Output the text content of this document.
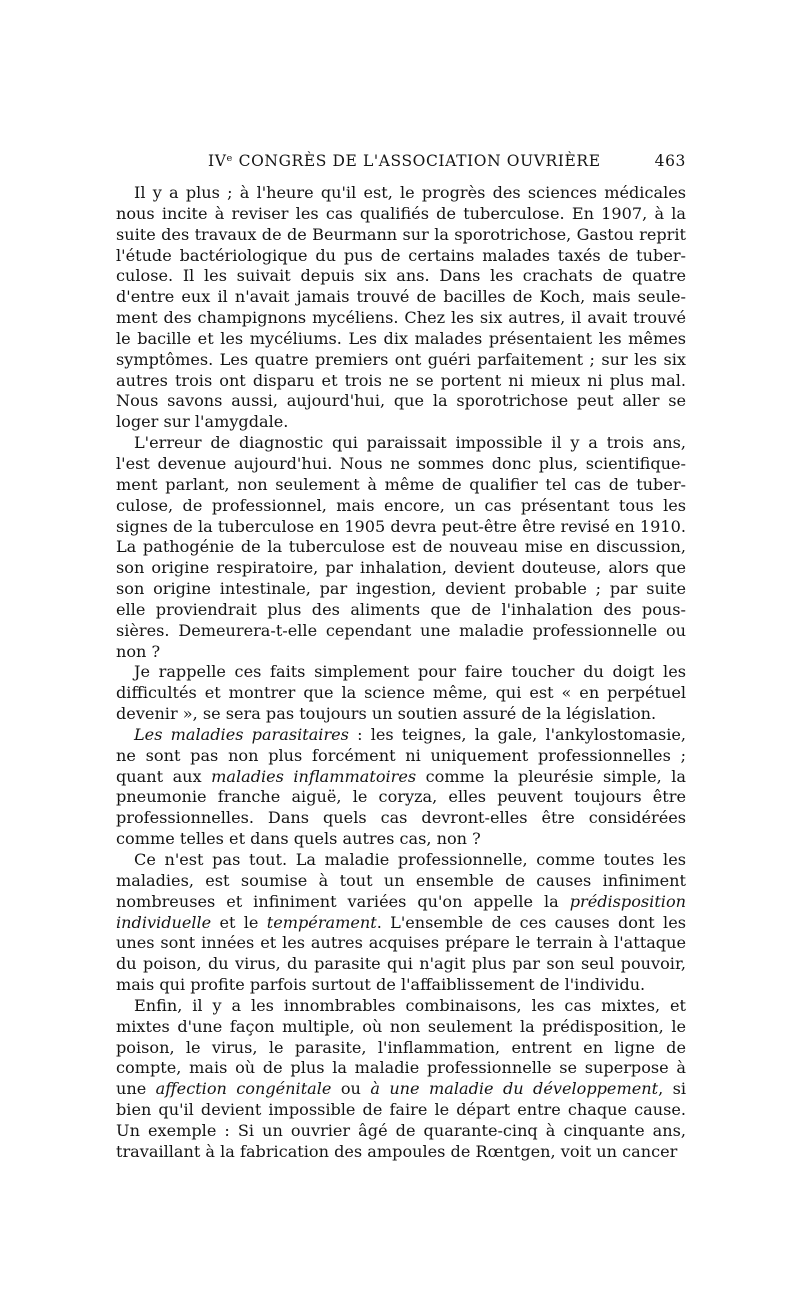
IVᵉ CONGRÈS DE L'ASSOCIATION OUVRIÈRE	463

Il y a plus ; à l'heure qu'il est, le progrès des sciences médicales nous incite à reviser les cas qualifiés de tuberculose. En 1907, à la suite des travaux de de Beurmann sur la sporotrichose, Gastou reprit l'étude bactériologique du pus de certains malades taxés de tuberculose. Il les suivait depuis six ans. Dans les crachats de quatre d'entre eux il n'avait jamais trouvé de bacilles de Koch, mais seulement des champignons mycéliens. Chez les six autres, il avait trouvé le bacille et les mycéliums. Les dix malades présentaient les mêmes symptômes. Les quatre premiers ont guéri parfaitement ; sur les six autres trois ont disparu et trois ne se portent ni mieux ni plus mal. Nous savons aussi, aujourd'hui, que la sporotrichose peut aller se loger sur l'amygdale.

L'erreur de diagnostic qui paraissait impossible il y a trois ans, l'est devenue aujourd'hui. Nous ne sommes donc plus, scientifiquement parlant, non seulement à même de qualifier tel cas de tuberculose, de professionnel, mais encore, un cas présentant tous les signes de la tuberculose en 1905 devra peut-être être revisé en 1910. La pathogénie de la tuberculose est de nouveau mise en discussion, son origine respiratoire, par inhalation, devient douteuse, alors que son origine intestinale, par ingestion, devient probable ; par suite elle proviendrait plus des aliments que de l'inhalation des poussières. Demeurera-t-elle cependant une maladie professionnelle ou non ?

Je rappelle ces faits simplement pour faire toucher du doigt les difficultés et montrer que la science même, qui est « en perpétuel devenir », se sera pas toujours un soutien assuré de la législation.

Les maladies parasitaires : les teignes, la gale, l'ankylostomasie, ne sont pas non plus forcément ni uniquement professionnelles ; quant aux maladies inflammatoires comme la pleurésie simple, la pneumonie franche aiguë, le coryza, elles peuvent toujours être professionnelles. Dans quels cas devront-elles être considérées comme telles et dans quels autres cas, non ?

Ce n'est pas tout. La maladie professionnelle, comme toutes les maladies, est soumise à tout un ensemble de causes infiniment nombreuses et infiniment variées qu'on appelle la prédisposition individuelle et le tempérament. L'ensemble de ces causes dont les unes sont innées et les autres acquises prépare le terrain à l'attaque du poison, du virus, du parasite qui n'agit plus par son seul pouvoir, mais qui profite parfois surtout de l'affaiblissement de l'individu.

Enfin, il y a les innombrables combinaisons, les cas mixtes, et mixtes d'une façon multiple, où non seulement la prédisposition, le poison, le virus, le parasite, l'inflammation, entrent en ligne de compte, mais où de plus la maladie professionnelle se superpose à une affection congénitale ou à une maladie du développement, si bien qu'il devient impossible de faire le départ entre chaque cause. Un exemple : Si un ouvrier âgé de quarante-cinq à cinquante ans, travaillant à la fabrication des ampoules de Rœntgen, voit un cancer
